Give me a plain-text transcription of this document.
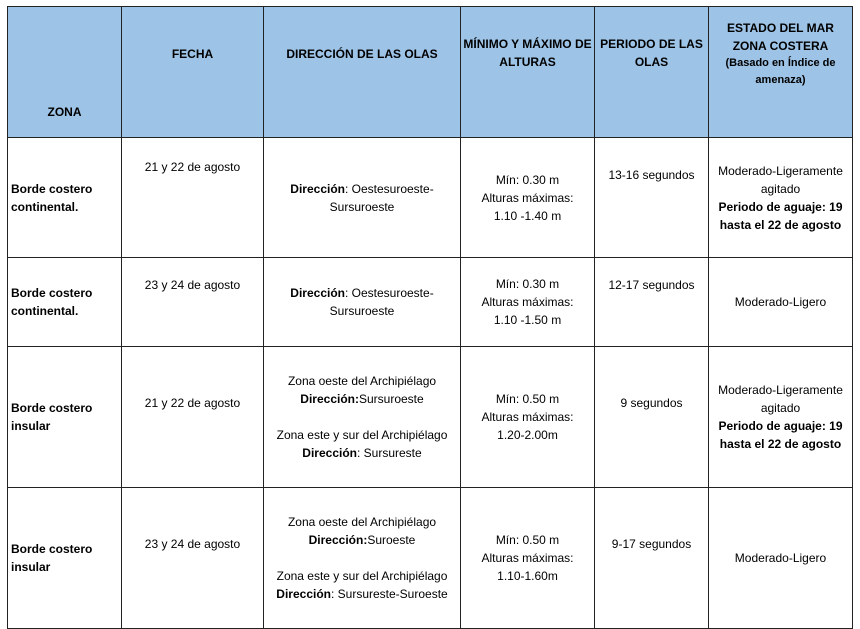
ZONA	FECHA	DIRECCIÓN DE LAS OLAS	MÍNIMO Y MÁXIMO DE ALTURAS	PERIODO DE LAS OLAS	ESTADO DEL MAR ZONA COSTERA
(Basado en Índice de amenaza)

Borde costero continental.	21 y 22 de agosto	Dirección: Oestesuroeste-Sursuroeste	Mín: 0.30 m
Alturas máximas:
1.10 -1.40 m	13-16 segundos	Moderado-Ligeramente agitado
Periodo de aguaje: 19 hasta el 22 de agosto

Borde costero continental.	23 y 24 de agosto	Dirección: Oestesuroeste-Sursuroeste	Mín: 0.30 m
Alturas máximas:
1.10 -1.50 m	12-17 segundos	Moderado-Ligero

Borde costero insular	21 y 22 de agosto	Zona oeste del Archipiélago
Dirección:Sursuroeste
Zona este y sur del Archipiélago
Dirección: Sursureste	Mín: 0.50 m
Alturas máximas:
1.20-2.00m	9 segundos	Moderado-Ligeramente agitado
Periodo de aguaje: 19 hasta el 22 de agosto

Borde costero insular	23 y 24 de agosto	Zona oeste del Archipiélago
Dirección:Suroeste
Zona este y sur del Archipiélago
Dirección: Sursureste-Suroeste	Mín: 0.50 m
Alturas máximas:
1.10-1.60m	9-17 segundos	Moderado-Ligero
